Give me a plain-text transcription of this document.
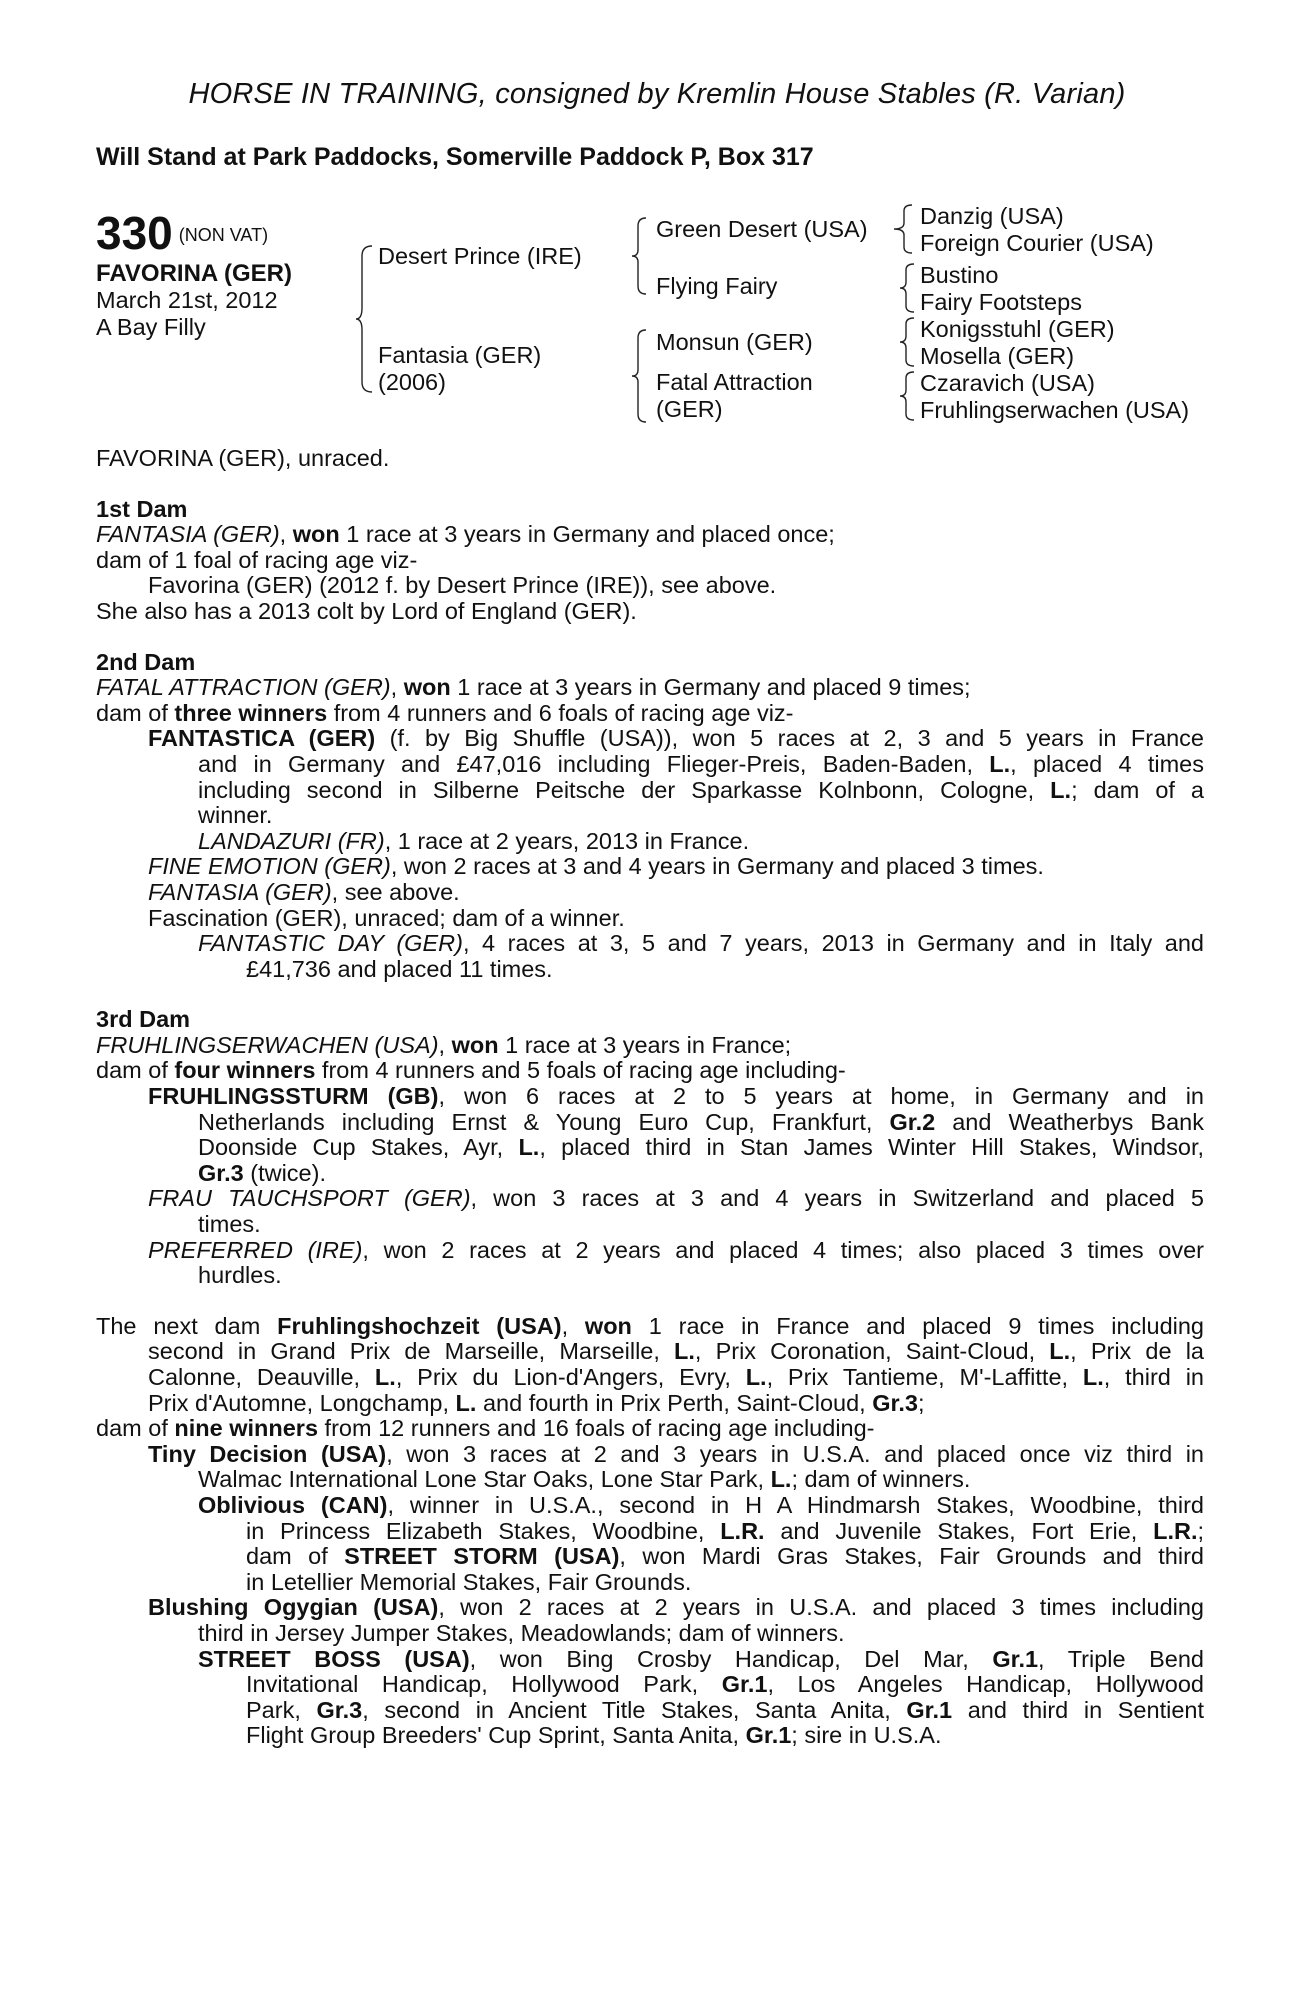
HORSE IN TRAINING, consigned by Kremlin House Stables (R. Varian)
Will Stand at Park Paddocks, Somerville Paddock P, Box 317
330 $^{(NON VAT)}$
FAVORINA (GER)
March 21st, 2012
A Bay Filly
Desert Prince (IRE)
Fantasia (GER)
(2006)
Green Desert (USA)
Flying Fairy
Monsun (GER)
Fatal Attraction
(GER)
Danzig (USA)
Foreign Courier (USA)
Bustino
Fairy Footsteps
Konigsstuhl (GER)
Mosella (GER)
Czaravich (USA)
Fruhlingserwachen (USA)
FAVORINA (GER), unraced.
1st Dam
FANTASIA (GER), won 1 race at 3 years in Germany and placed once;
dam of 1 foal of racing age viz-
Favorina (GER) (2012 f. by Desert Prince (IRE)), see above.
She also has a 2013 colt by Lord of England (GER).
2nd Dam
FATAL ATTRACTION (GER), won 1 race at 3 years in Germany and placed 9 times;
dam of three winners from 4 runners and 6 foals of racing age viz-
FANTASTICA (GER) (f. by Big Shuffle (USA)), won 5 races at 2, 3 and 5 years in France
and in Germany and £47,016 including Flieger-Preis, Baden-Baden, L., placed 4 times
including second in Silberne Peitsche der Sparkasse Kolnbonn, Cologne, L.; dam of a
winner.
LANDAZURI (FR), 1 race at 2 years, 2013 in France.
FINE EMOTION (GER), won 2 races at 3 and 4 years in Germany and placed 3 times.
FANTASIA (GER), see above.
Fascination (GER), unraced; dam of a winner.
FANTASTIC DAY (GER), 4 races at 3, 5 and 7 years, 2013 in Germany and in Italy and
£41,736 and placed 11 times.
3rd Dam
FRUHLINGSERWACHEN (USA), won 1 race at 3 years in France;
dam of four winners from 4 runners and 5 foals of racing age including-
FRUHLINGSSTURM (GB), won 6 races at 2 to 5 years at home, in Germany and in
Netherlands including Ernst & Young Euro Cup, Frankfurt, Gr.2 and Weatherbys Bank
Doonside Cup Stakes, Ayr, L., placed third in Stan James Winter Hill Stakes, Windsor,
Gr.3 (twice).
FRAU TAUCHSPORT (GER), won 3 races at 3 and 4 years in Switzerland and placed 5
times.
PREFERRED (IRE), won 2 races at 2 years and placed 4 times; also placed 3 times over
hurdles.
The next dam Fruhlingshochzeit (USA), won 1 race in France and placed 9 times including
second in Grand Prix de Marseille, Marseille, L., Prix Coronation, Saint-Cloud, L., Prix de la
Calonne, Deauville, L., Prix du Lion-d'Angers, Evry, L., Prix Tantieme, M'-Laffitte, L., third in
Prix d'Automne, Longchamp, L. and fourth in Prix Perth, Saint-Cloud, Gr.3;
dam of nine winners from 12 runners and 16 foals of racing age including-
Tiny Decision (USA), won 3 races at 2 and 3 years in U.S.A. and placed once viz third in
Walmac International Lone Star Oaks, Lone Star Park, L.; dam of winners.
Oblivious (CAN), winner in U.S.A., second in H A Hindmarsh Stakes, Woodbine, third
in Princess Elizabeth Stakes, Woodbine, L.R. and Juvenile Stakes, Fort Erie, L.R.;
dam of STREET STORM (USA), won Mardi Gras Stakes, Fair Grounds and third
in Letellier Memorial Stakes, Fair Grounds.
Blushing Ogygian (USA), won 2 races at 2 years in U.S.A. and placed 3 times including
third in Jersey Jumper Stakes, Meadowlands; dam of winners.
STREET BOSS (USA), won Bing Crosby Handicap, Del Mar, Gr.1, Triple Bend
Invitational Handicap, Hollywood Park, Gr.1, Los Angeles Handicap, Hollywood
Park, Gr.3, second in Ancient Title Stakes, Santa Anita, Gr.1 and third in Sentient
Flight Group Breeders' Cup Sprint, Santa Anita, Gr.1; sire in U.S.A.
